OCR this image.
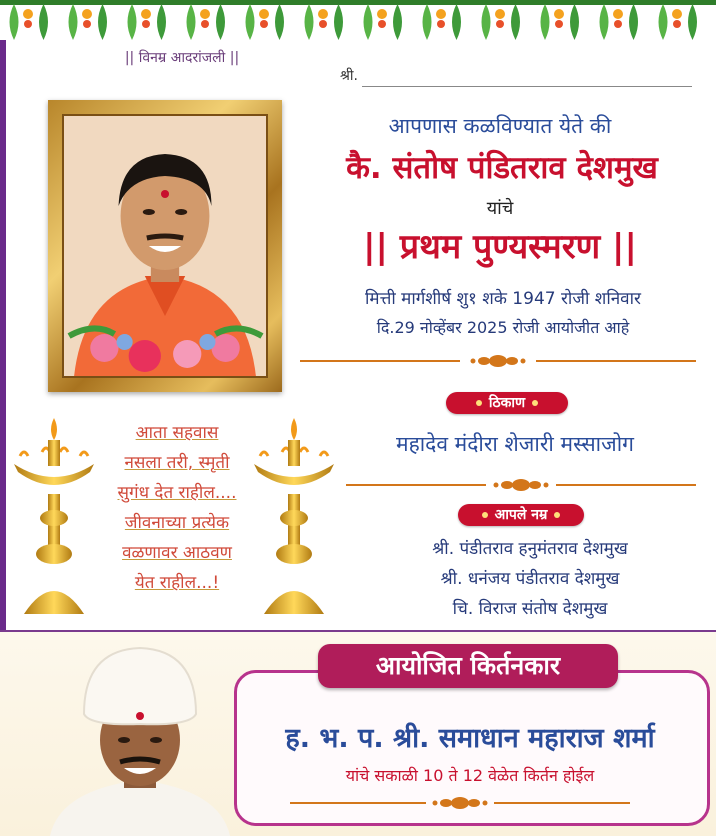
|| विनम्र आदरांजली ||
श्री.
आपणास कळविण्यात येते की
कै. संतोष पंडितराव देशमुख
यांचे
|| प्रथम पुण्यस्मरण ||
मित्ती मार्गशीर्ष शु१ शके 1947 रोजी शनिवार
दि.29 नोव्हेंबर 2025 रोजी आयोजीत आहे
ठिकाण
महादेव मंदीरा शेजारी मस्साजोग
आपले नम्र
श्री. पंडीतराव हनुमंतराव देशमुख
श्री. धनंजय पंडीतराव देशमुख
चि. विराज संतोष देशमुख
आता सहवास
नसला तरी, स्मृती
सुगंध देत राहील....
जीवनाच्या प्रत्येक
वळणावर आठवण
येत राहील...!
आयोजित किर्तनकार
ह. भ. प. श्री. समाधान महाराज शर्मा
यांचे सकाळी 10 ते 12 वेळेत किर्तन होईल
